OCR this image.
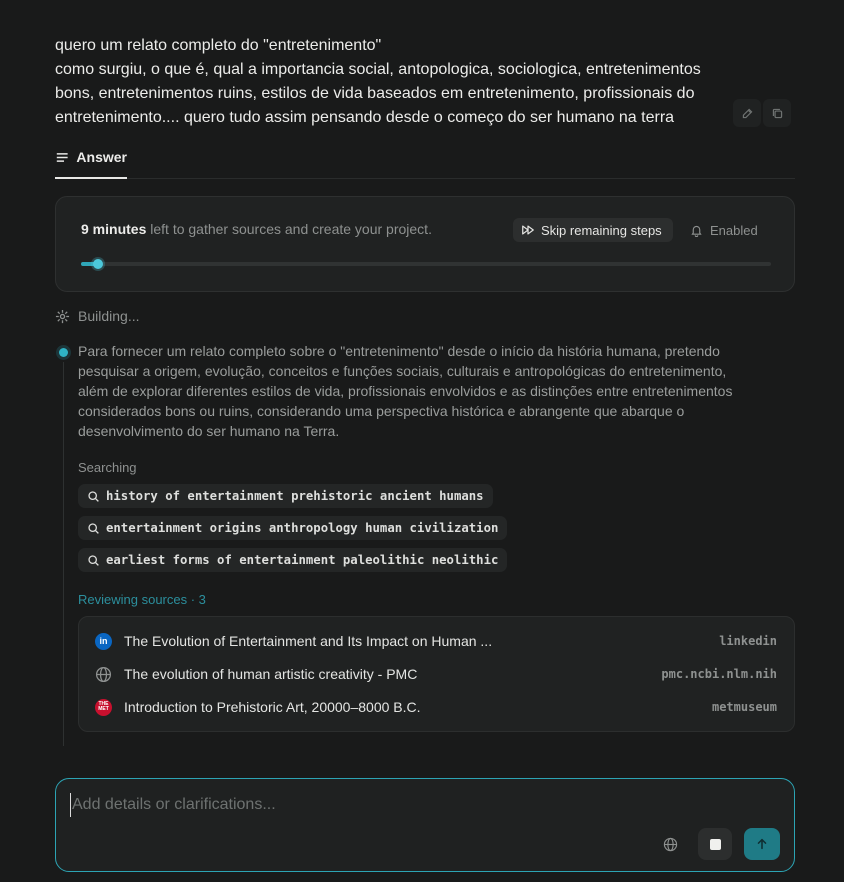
quero um relato completo do "entretenimento"
como surgiu, o que é, qual a importancia social, antopologica, sociologica, entretenimentos
bons, entretenimentos ruins, estilos de vida baseados em entretenimento, profissionais do
entretenimento.... quero tudo assim pensando desde o começo do ser humano na terra
Answer
9 minutes left to gather sources and create your project.	Skip remaining steps	Enabled
Building...
Para fornecer um relato completo sobre o "entretenimento" desde o início da história humana, pretendo
pesquisar a origem, evolução, conceitos e funções sociais, culturais e antropológicas do entretenimento,
além de explorar diferentes estilos de vida, profissionais envolvidos e as distinções entre entretenimentos
considerados bons ou ruins, considerando uma perspectiva histórica e abrangente que abarque o
desenvolvimento do ser humano na Terra.
Searching
history of entertainment prehistoric ancient humans
entertainment origins anthropology human civilization
earliest forms of entertainment paleolithic neolithic
Reviewing sources · 3
in The Evolution of Entertainment and Its Impact on Human ...	linkedin
The evolution of human artistic creativity - PMC	pmc.ncbi.nlm.nih
THE MET Introduction to Prehistoric Art, 20000–8000 B.C.	metmuseum
Add details or clarifications...
